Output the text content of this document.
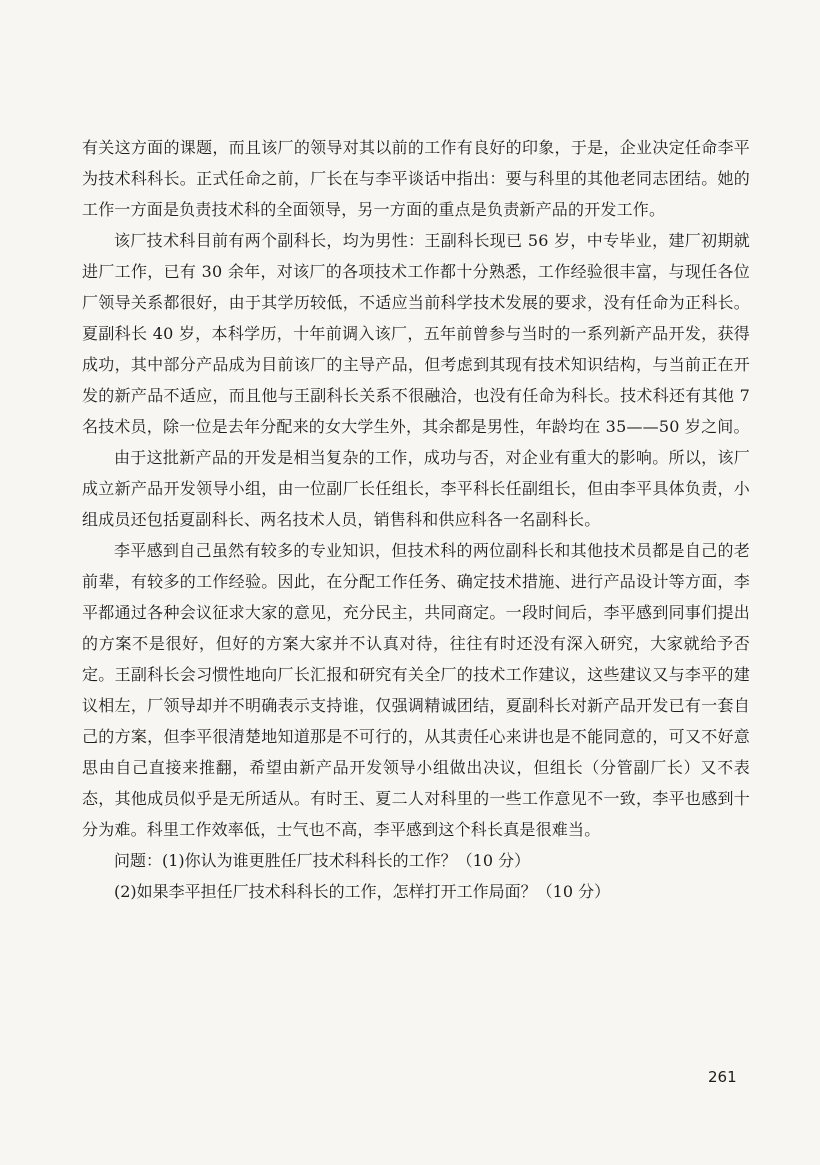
有关这方面的课题，而且该厂的领导对其以前的工作有良好的印象，于是，企业决定任命李平为技术科科长。正式任命之前，厂长在与李平谈话中指出：要与科里的其他老同志团结。她的工作一方面是负责技术科的全面领导，另一方面的重点是负责新产品的开发工作。

该厂技术科目前有两个副科长，均为男性：王副科长现已 56 岁，中专毕业，建厂初期就进厂工作，已有 30 余年，对该厂的各项技术工作都十分熟悉，工作经验很丰富，与现任各位厂领导关系都很好，由于其学历较低，不适应当前科学技术发展的要求，没有任命为正科长。夏副科长 40 岁，本科学历，十年前调入该厂，五年前曾参与当时的一系列新产品开发，获得成功，其中部分产品成为目前该厂的主导产品，但考虑到其现有技术知识结构，与当前正在开发的新产品不适应，而且他与王副科长关系不很融洽，也没有任命为科长。技术科还有其他 7 名技术员，除一位是去年分配来的女大学生外，其余都是男性，年龄均在 35——50 岁之间。

由于这批新产品的开发是相当复杂的工作，成功与否，对企业有重大的影响。所以，该厂成立新产品开发领导小组，由一位副厂长任组长，李平科长任副组长，但由李平具体负责，小组成员还包括夏副科长、两名技术人员，销售科和供应科各一名副科长。

李平感到自己虽然有较多的专业知识，但技术科的两位副科长和其他技术员都是自己的老前辈，有较多的工作经验。因此，在分配工作任务、确定技术措施、进行产品设计等方面，李平都通过各种会议征求大家的意见，充分民主，共同商定。一段时间后，李平感到同事们提出的方案不是很好，但好的方案大家并不认真对待，往往有时还没有深入研究，大家就给予否定。王副科长会习惯性地向厂长汇报和研究有关全厂的技术工作建议，这些建议又与李平的建议相左，厂领导却并不明确表示支持谁，仅强调精诚团结，夏副科长对新产品开发已有一套自己的方案，但李平很清楚地知道那是不可行的，从其责任心来讲也是不能同意的，可又不好意思由自己直接来推翻，希望由新产品开发领导小组做出决议，但组长（分管副厂长）又不表态，其他成员似乎是无所适从。有时王、夏二人对科里的一些工作意见不一致，李平也感到十分为难。科里工作效率低，士气也不高，李平感到这个科长真是很难当。

问题：(1)你认为谁更胜任厂技术科科长的工作？（10 分）

(2)如果李平担任厂技术科科长的工作，怎样打开工作局面？（10 分）

261
